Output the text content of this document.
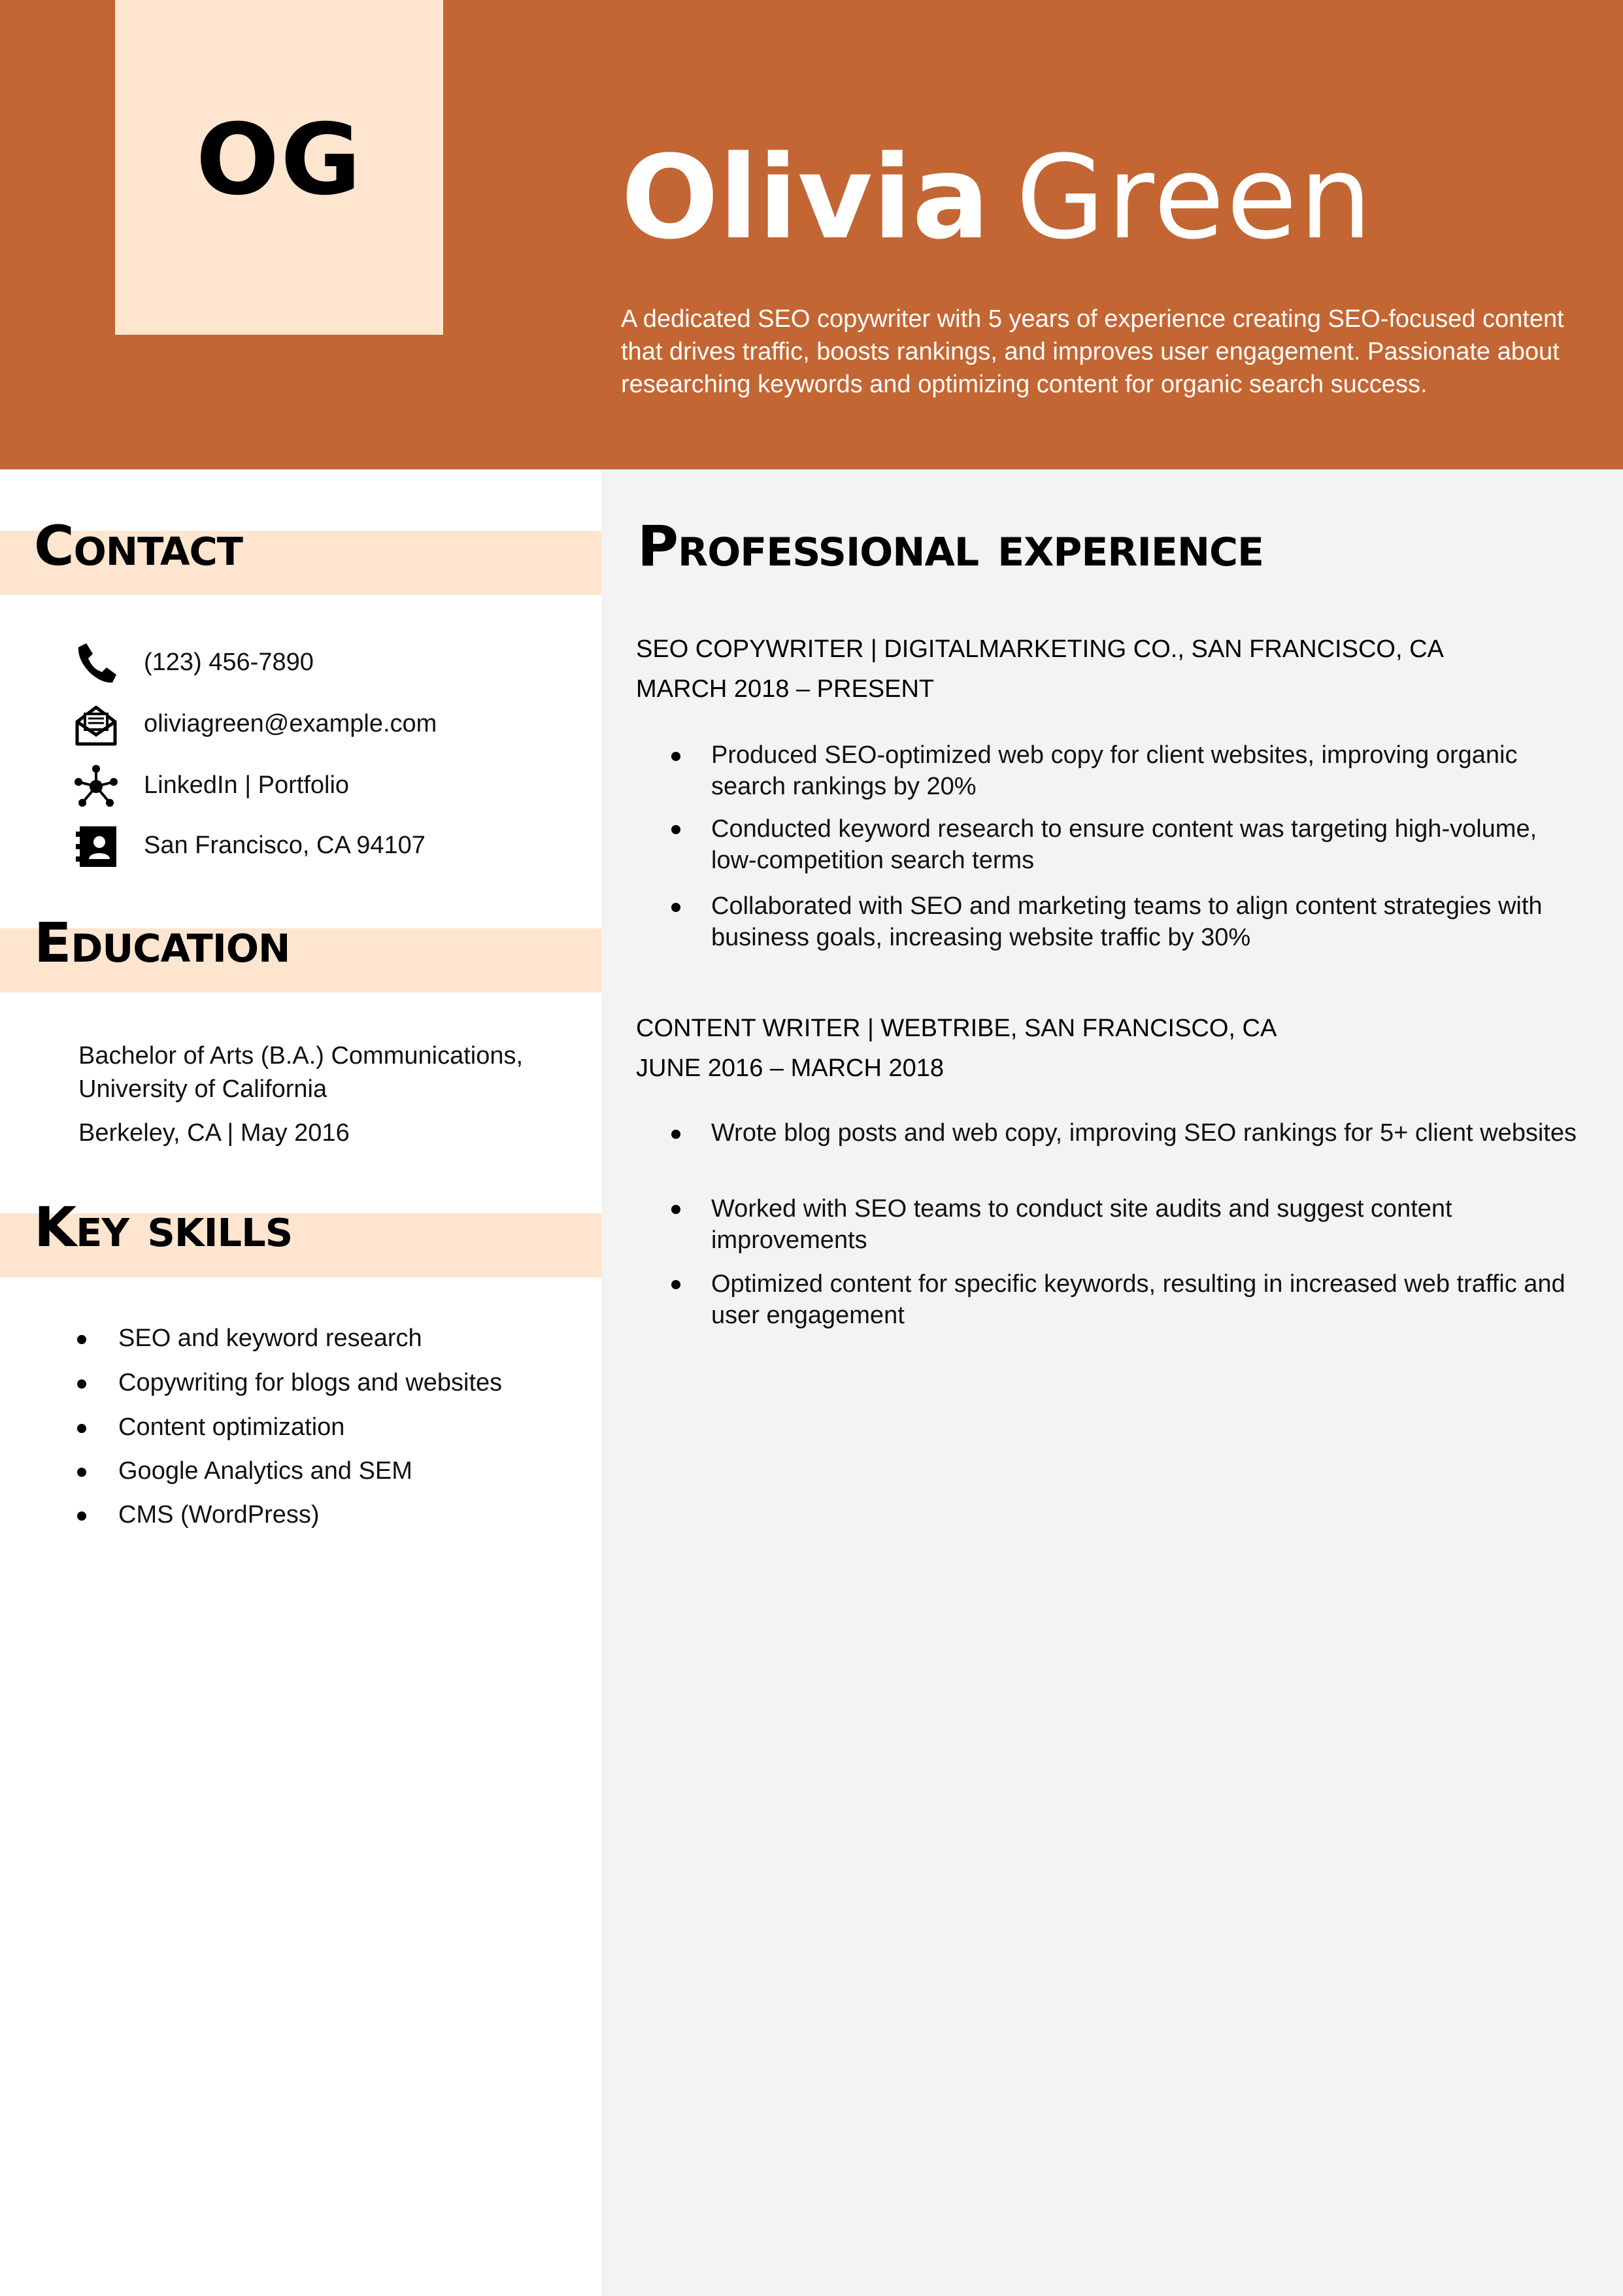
OG	Olivia Green
A dedicated SEO copywriter with 5 years of experience creating SEO-focused content that drives traffic, boosts rankings, and improves user engagement. Passionate about researching keywords and optimizing content for organic search success.
Contact
(123) 456-7890
oliviagreen@example.com
LinkedIn | Portfolio
San Francisco, CA 94107
Education
Bachelor of Arts (B.A.) Communications,
University of California
Berkeley, CA | May 2016
Key skills
SEO and keyword research
Copywriting for blogs and websites
Content optimization
Google Analytics and SEM
CMS (WordPress)
Professional experience
SEO COPYWRITER | DIGITALMARKETING CO., SAN FRANCISCO, CA
MARCH 2018 – PRESENT
Produced SEO-optimized web copy for client websites, improving organic search rankings by 20%
Conducted keyword research to ensure content was targeting high-volume, low-competition search terms
Collaborated with SEO and marketing teams to align content strategies with business goals, increasing website traffic by 30%
CONTENT WRITER | WEBTRIBE, SAN FRANCISCO, CA
JUNE 2016 – MARCH 2018
Wrote blog posts and web copy, improving SEO rankings for 5+ client websites
Worked with SEO teams to conduct site audits and suggest content improvements
Optimized content for specific keywords, resulting in increased web traffic and user engagement
